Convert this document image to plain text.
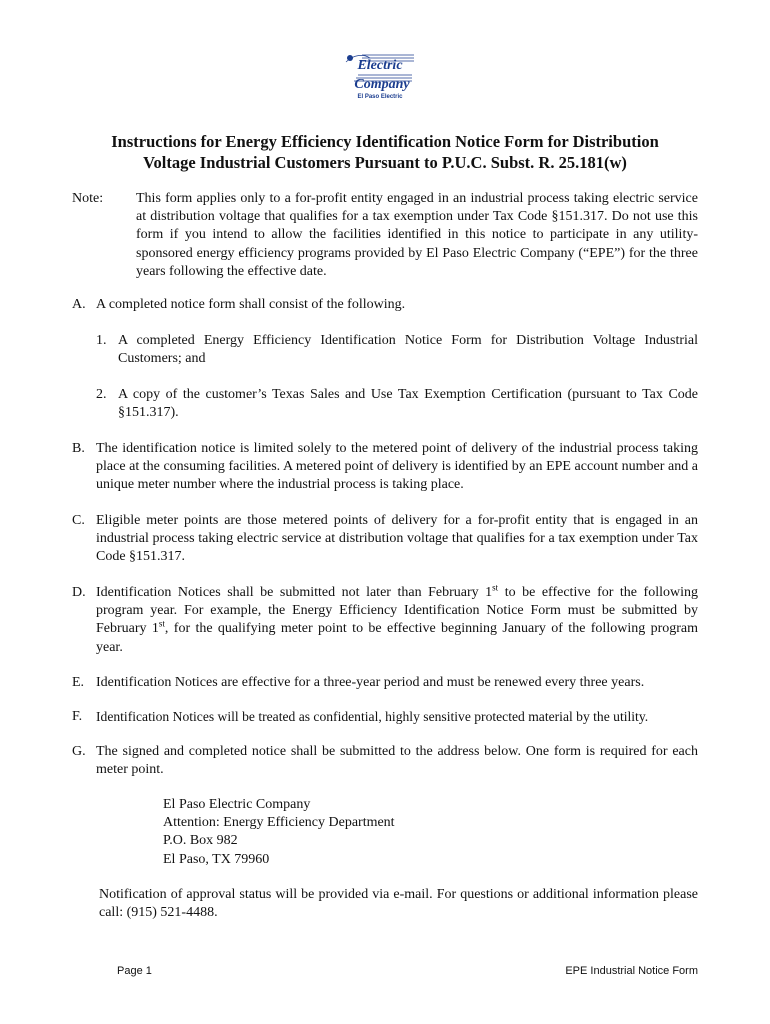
Electric
Company
El Paso Electric
Instructions for Energy Efficiency Identification Notice Form for Distribution
Voltage Industrial Customers Pursuant to P.U.C. Subst. R. 25.181(w)
Note: This form applies only to a for-profit entity engaged in an industrial process taking electric service at distribution voltage that qualifies for a tax exemption under Tax Code §151.317. Do not use this form if you intend to allow the facilities identified in this notice to participate in any utility-sponsored energy efficiency programs provided by El Paso Electric Company (“EPE”) for the three years following the effective date.
A. A completed notice form shall consist of the following.
1. A completed Energy Efficiency Identification Notice Form for Distribution Voltage Industrial Customers; and
2. A copy of the customer’s Texas Sales and Use Tax Exemption Certification (pursuant to Tax Code §151.317).
B. The identification notice is limited solely to the metered point of delivery of the industrial process taking place at the consuming facilities. A metered point of delivery is identified by an EPE account number and a unique meter number where the industrial process is taking place.
C. Eligible meter points are those metered points of delivery for a for-profit entity that is engaged in an industrial process taking electric service at distribution voltage that qualifies for a tax exemption under Tax Code §151.317.
D. Identification Notices shall be submitted not later than February 1st to be effective for the following program year. For example, the Energy Efficiency Identification Notice Form must be submitted by February 1st, for the qualifying meter point to be effective beginning January of the following program year.
E. Identification Notices are effective for a three-year period and must be renewed every three years.
F. Identification Notices will be treated as confidential, highly sensitive protected material by the utility.
G. The signed and completed notice shall be submitted to the address below. One form is required for each meter point.
El Paso Electric Company
Attention: Energy Efficiency Department
P.O. Box 982
El Paso, TX 79960
Notification of approval status will be provided via e-mail. For questions or additional information please call: (915) 521-4488.
Page 1	EPE Industrial Notice Form
